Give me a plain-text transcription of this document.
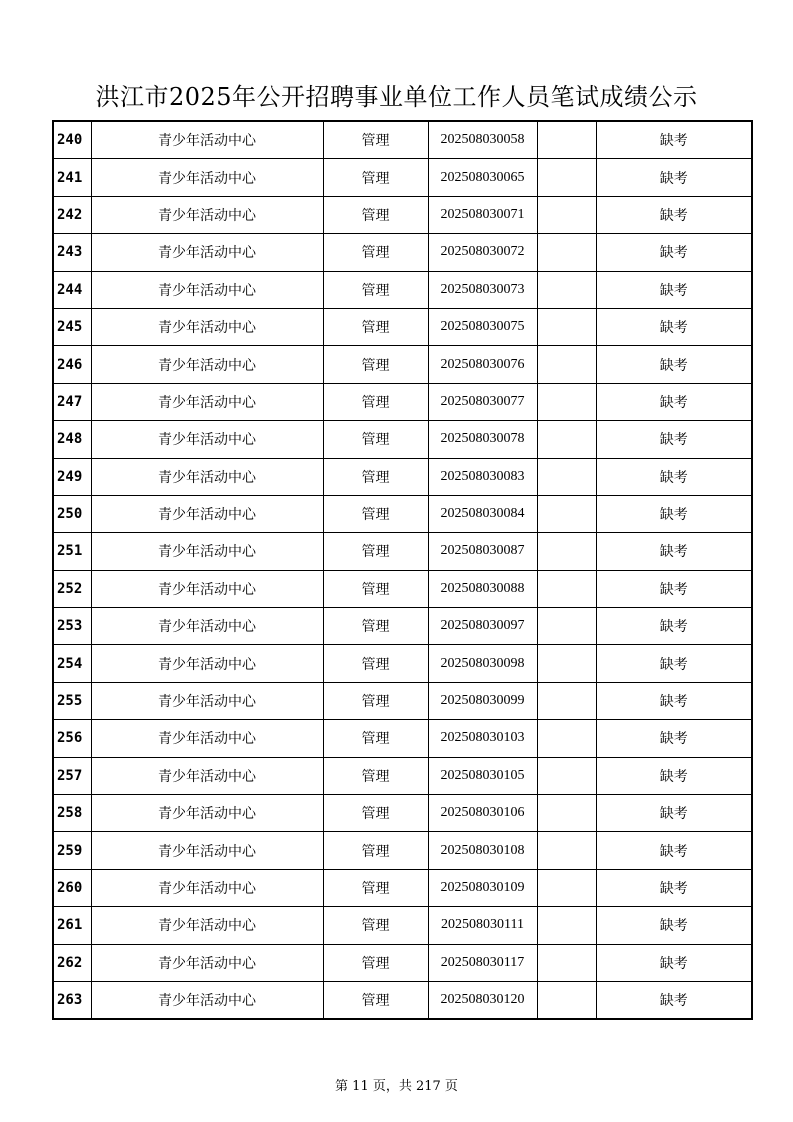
洪江市2025年公开招聘事业单位工作人员笔试成绩公示
240	青少年活动中心	管理	202508030058		缺考
241	青少年活动中心	管理	202508030065		缺考
242	青少年活动中心	管理	202508030071		缺考
243	青少年活动中心	管理	202508030072		缺考
244	青少年活动中心	管理	202508030073		缺考
245	青少年活动中心	管理	202508030075		缺考
246	青少年活动中心	管理	202508030076		缺考
247	青少年活动中心	管理	202508030077		缺考
248	青少年活动中心	管理	202508030078		缺考
249	青少年活动中心	管理	202508030083		缺考
250	青少年活动中心	管理	202508030084		缺考
251	青少年活动中心	管理	202508030087		缺考
252	青少年活动中心	管理	202508030088		缺考
253	青少年活动中心	管理	202508030097		缺考
254	青少年活动中心	管理	202508030098		缺考
255	青少年活动中心	管理	202508030099		缺考
256	青少年活动中心	管理	202508030103		缺考
257	青少年活动中心	管理	202508030105		缺考
258	青少年活动中心	管理	202508030106		缺考
259	青少年活动中心	管理	202508030108		缺考
260	青少年活动中心	管理	202508030109		缺考
261	青少年活动中心	管理	202508030111		缺考
262	青少年活动中心	管理	202508030117		缺考
263	青少年活动中心	管理	202508030120		缺考
第 11 页，共 217 页
